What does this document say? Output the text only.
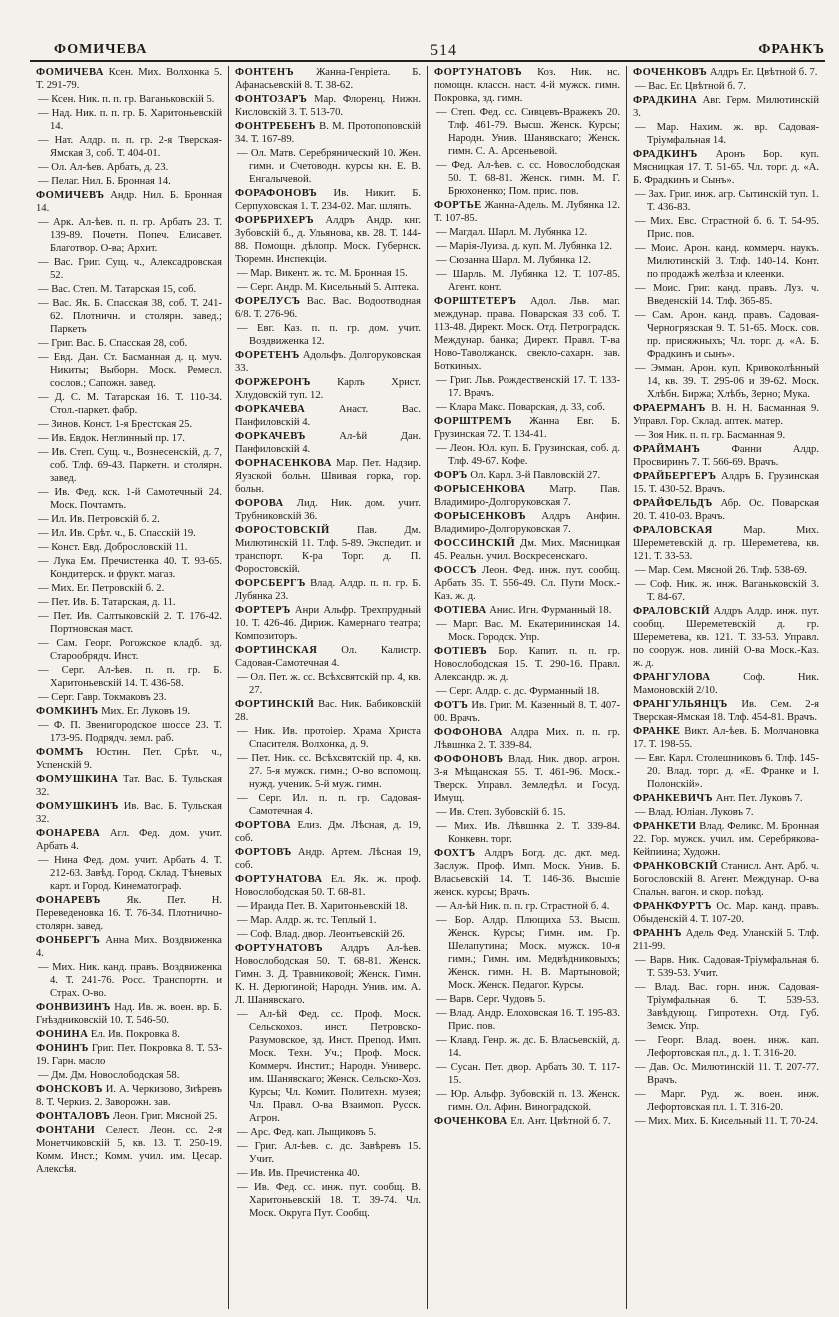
ФОМИЧЕВА	514	ФРАНКЪ

ФОМИЧЕВА Ксен. Мих. Волхонка 5. Т. 291-79.

— Ксен. Ник. п. п. гр. Ваганьковскій 5.

— Над. Ник. п. п. гр. Б. Харитоньевскій 14.

— Нат. Алдр. п. п. гр. 2-я Тверская-Ямская 3, соб. Т. 404-01.

— Ол. Ал-ѣев. Арбать, д. 23.

— Пелаг. Нил. Б. Бронная 14.

ФОМИЧЕВЪ Андр. Нил. Б. Бронная 14.

— Арк. Ал-ѣев. п. п. гр. Арбать 23. Т. 139-89. Почетн. Попеч. Елисавет. Благотвор. О-ва; Архит.

— Вас. Григ. Сущ. ч., Алексадровская 52.

— Вас. Степ. М. Татарская 15, соб.

— Вас. Як. Б. Спасская 38, соб. Т. 241-62. Плотничн. и столярн. завед.; Паркеть

— Григ. Вас. Б. Спасская 28, соб.

— Евд. Дан. Ст. Басманная д. ц. муч. Никиты; Выборн. Моск. Ремесл. сослов.; Сапожн. завед.

— Д. С. М. Татарская 16. Т. 110-34. Стол.-паркет. фабр.

— Зинов. Конст. 1-я Брестская 25.

— Ив. Евдок. Неглинный пр. 17.

— Ив. Степ. Сущ. ч., Вознесенскій, д. 7, соб. Тлф. 69-43. Паркетн. и столярн. завед.

— Ив. Фед. кск. 1-й Самотечный 24. Моск. Почтамть.

— Ил. Ив. Петровскій б. 2.

— Ил. Ив. Срѣт. ч., Б. Спасскій 19.

— Конст. Евд. Добрословскій 11.

— Лука Ем. Пречистенка 40. Т. 93-65. Кондитерск. и фрукт. магаз.

— Мих. Ег. Петровскій б. 2.

— Пет. Ив. Б. Татарская, д. 11.

— Пет. Ив. Салтыковскій 2. Т. 176-42. Портновская маст.

— Сам. Георг. Рогожское кладб. зд. Старообрядч. Инст.

— Серг. Ал-ѣев. п. п. гр. Б. Харитоньевскій 14. Т. 436-58.

— Серг. Гавр. Токмаковъ 23.

ФОМКИНЪ Мих. Ег. Луковъ 19.

— Ф. П. Звенигородское шоссе 23. Т. 173-95. Подрядч. земл. раб.

ФОММЪ Юстин. Пет. Срѣт. ч., Успенскій 9.

ФОМУШКИНА Тат. Вас. Б. Тульская 32.

ФОМУШКИНЪ Ив. Вас. Б. Тульская 32.

ФОНАРЕВА Агл. Фед. дом. учит. Арбать 4.

— Нина Фед. дом. учит. Арбать 4. Т. 212-63. Завѣд. Город. Склад. Тѣневых карт. и Город. Кинематограф.

ФОНАРЕВЪ Як. Пет. Н. Переведеновка 16. Т. 76-34. Плотнично-столярн. завед.

ФОНБЕРГЪ Анна Мих. Воздвиженка 4.

— Мих. Ник. канд. правъ. Воздвиженка 4. Т. 241-76. Росс. Транспортн. и Страх. О-во.

ФОНВИЗИНЪ Над. Ив. ж. воен. вр. Б. Гнѣздниковскій 10. Т. 546-50.

ФОНИНА Ел. Ив. Покровка 8.

ФОНИНЪ Григ. Пет. Покровка 8. Т. 53-19. Гарн. масло

— Дм. Дм. Новослободская 58.

ФОНСКОВЪ И. А. Черкизово, Зиѣревъ 8. Т. Черкиз. 2. Заворожн. зав.

ФОНТАЛОВЪ Леон. Григ. Мясной 25.

ФОНТАНИ Селест. Леон. сс. 2-я Монетчиковскій 5, кв. 13. Т. 250-19. Комм. Инст.; Комм. учил. им. Цесар. Алексѣя.

ФОНТЕНЪ Жанна-Генріета. Б. Афанасьевскій 8. Т. 38-62.

ФОНТОЗАРЪ Мар. Флоренц. Нижн. Кисловскій 3. Т. 513-70.

ФОНТРЕБЕНЪ В. М. Протопоповскій 34. Т. 167-89.

— Ол. Матв. Серебрянический 10. Жен. гимн. и Счетоводн. курсы кн. Е. В. Енгалычевой.

ФОРАФОНОВЪ Ив. Никит. Б. Серпуховская 1. Т. 234-02. Маг. шляпъ.

ФОРБРИХЕРЪ Алдръ Андр. кнг. Зубовскій б., д. Ульянова, кв. 28. Т. 144-88. Помощн. дѣлопр. Моск. Губернск. Тюремн. Инспекціи.

— Мар. Викент. ж. тс. М. Бронная 15.

— Серг. Андр. М. Кисельный 5. Аптека.

ФОРЕЛУСЪ Вас. Вас. Водоотводная 6/8. Т. 276-96.

— Евг. Каз. п. п. гр. дом. учит. Воздвиженка 12.

ФОРЕТЕНЪ Адольфъ. Долгоруковская 33.

ФОРЖЕРОНЪ Карлъ Христ. Хлудовскій туп. 12.

ФОРКАЧЕВА	Анаст. Вас. Панфиловскій 4.

ФОРКАЧЕВЪ	Ал-ѣй Дан. Панфиловскій 4.

ФОРНАСЕНКОВА Мар. Пет. Надзир. Яузской больн. Швивая горка, гор. больн.

ФОРОВА Лид. Ник. дом. учит. Трубниковскій 36.

ФОРОСТОВСКІЙ	Пав. Дм. Милютинскій 11. Тлф. 5-89. Экспедит. и транспорт. К-ра Торг. д. П. Форостовскій.

ФОРСБЕРГЪ Влад. Алдр. п. п. гр. Б. Лубянка 23.

ФОРТЕРЪ Анри Альфр. Трехпрудный 10. Т. 426-46. Дириж. Камернаго театра; Композиторъ.

ФОРТИНСКАЯ Ол. Калистр. Садовая-Самотечная 4.

— Ол. Пет. ж. сс. Всѣхсвятскій пр. 4, кв. 27.

ФОРТИНСКІЙ Вас. Ник. Бабиковскій 28.

— Ник. Ив. протоіер. Храма Христа Спасителя. Волхонка, д. 9.

— Пет. Ник. сс. Всѣхсвятскій пр. 4, кв. 27. 5-я мужск. гимн.; О-во вспомощ. нужд. ученик. 5-й муж. гимн.

— Серг. Ил. п. п. гр. Садовая-Самотечная 4.

ФОРТОВА Елиз. Дм. Лѣсная, д. 19, соб.

ФОРТОВЪ Андр. Артем. Лѣсная 19, соб.

ФОРТУНАТОВА Ел. Як. ж. проф. Новослободская 50. Т. 68-81.

— Ираида Пет. В. Харитоньевскій 18.

— Мар. Алдр. ж. тс. Теплый 1.

— Соф. Влад. двор. Леонтьевскій 26.

ФОРТУНАТОВЪ Алдръ Ал-ѣев. Новослободская 50. Т. 68-81. Женск. Гимн. З. Д. Травниковой; Женск. Гимн. К. Н. Дерюгиной; Народн. Унив. им. А. Л. Шанявскаго.

— Ал-ѣй Фед. сс. Проф. Моск. Сельскохоз. инст. Петровско-Разумовское, зд. Инст. Препод. Имп. Моск. Техн. Уч.; Проф. Моск. Коммерч. Инстит.; Народн. Универс. им. Шанявскаго; Женск. Сельско-Хоз. Курсы; Чл. Комит. Политехн. музея; Чл. Правл. О-ва Взаимоп. Русск. Агрон.

— Арс. Фед. кап. Лыщиковъ 5.

— Григ. Ал-ѣев. с. дс. Завѣревъ 15. Учит.

— Ив. Ив. Пречистенка 40.

— Ив. Фед. сс. инж. пут. сообщ. В. Харитоньевскій 18. Т. 39-74. Чл. Моск. Округа Пут. Сообщ.

ФОРТУНАТОВЪ Коз. Ник. нс. помощн. классн. наст. 4-й мужск. гимн. Покровка, зд. гимн.

— Степ. Фед. сс. Сивцевъ-Вражекъ 20. Тлф. 461-79. Высш. Женск. Курсы; Народн. Унив. Шанявскаго; Женск. гимн. С. А. Арсеньевой.

— Фед. Ал-ѣев. с. сс. Новослободская 50. Т. 68-81. Женск. гимн. М. Г. Брюхоненко; Пом. прис. пов.

ФОРТЬЕ Жанна-Адель. М. Лубянка 12. Т. 107-85.

— Магдал. Шарл. М. Лубянка 12.

— Марія-Луиза. д. куп. М. Лубянка 12.

— Сюзанна Шарл. М. Лубянка 12.

— Шарль. М. Лубянка 12. Т. 107-85. Агент. конт.

ФОРШТЕТЕРЪ Адол. Льв. маг. междунар. права. Поварская 33 соб. Т. 113-48. Директ. Моск. Отд. Петроградск. Междунар. банка; Директ. Правл. Т-ва Ново-Таволжанск. свекло-сахарн. зав. Боткиных.

— Григ. Льв. Рождественскій 17. Т. 133-17. Врачъ.

— Клара Макс. Поварская, д. 33, соб.

ФОРШТРЕМЪ Жанна Евг. Б. Грузинская 72. Т. 134-41.

— Леон. Юл. куп. Б. Грузинская, соб. д. Тлф. 49-67. Кофе.

ФОРЪ Ол. Карл. 3-й Павловскій 27.

ФОРЫСЕНКОВА Матр. Пав. Владимиро-Долгоруковская 7.

ФОРЫСЕНКОВЪ Алдръ Анфин. Владимиро-Долгоруковская 7.

ФОССИНСКІЙ Дм. Мих. Мясницкая 45. Реальн. учил. Воскресенскаго.

ФОССЪ Леон. Фед. инж. пут. сообщ. Арбать 35. Т. 556-49. Сл. Пути Моск.-Каз. ж. д.

ФОТІЕВА Анис. Игн. Фурманный 18.

— Марг. Вас. М. Екатерининская 14. Моск. Городск. Упр.

ФОТІЕВЪ Бор. Капит. п. п. гр. Новослободская 15. Т. 290-16. Правл. Александр. ж. д.

— Серг. Алдр. с. дс. Фурманный 18.

ФОТЪ Ив. Григ. М. Казенный 8. Т. 407-00. Врачъ.

ФОФОНОВА Алдра Мих. п. п. гр. Лѣвшнка 2. Т. 339-84.

ФОФОНОВЪ Влад. Ник. двор. агрон. 3-я Мѣщанская 55. Т. 461-96. Моск.-Тверск. Управл. Земледѣл. и Госуд. Имущ.

— Ив. Степ. Зубовскій б. 15.

— Мих. Ив. Лѣвшнка 2. Т. 339-84. Конкевн. торг.

ФОХТЪ Алдръ Богд. дс. дкт. мед. Заслуж. Проф. Имп. Моск. Унив. Б. Власьевскій 14. Т. 146-36. Высшіе женск. курсы; Врачъ.

— Ал-ѣй Ник. п. п. гр. Страстной б. 4.

— Бор. Алдр. Плющиха 53. Высш. Женск. Курсы; Гимн. им. Гр. Шелапутина; Моск. мужск. 10-я гимн.; Гимн. им. Медвѣдниковыхъ; Женск. гимн. Н. В. Мартыновой; Моск. Женск. Педагог. Курсы.

— Варв. Серг. Чудовъ 5.

— Влад. Андр. Елоховская 16. Т. 195-83. Прис. пов.

— Клавд. Генр. ж. дс. Б. Власьевскій, д. 14.

— Сусан. Пет. двор. Арбать 30. Т. 117-15.

— Юр. Альфр. Зубовскій п. 13. Женск. гимн. Ол. Афин. Виноградской.

ФОЧЕНКОВА Ел. Ант. Цвѣтной б. 7.

ФОЧЕНКОВЪ Алдръ Ег. Цвѣтной б. 7.

— Вас. Ег. Цвѣтной б. 7.

ФРАДКИНА Авг. Герм. Милютинскій 3.

— Мар. Нахим. ж. вр. Садовая-Тріумфальная 14.

ФРАДКИНЪ Аронъ Бор. куп. Мясницкая 17. Т. 51-65. Чл. торг. д. «А. Б. Фрадкинъ и Сынъ».

— Зах. Григ. инж. агр. Сытинскій туп. 1. Т. 436-83.

— Мих. Евс. Страстной б. 6. Т. 54-95. Прис. пов.

— Моис. Арон. канд. коммерч. наукъ. Милютинскій 3. Тлф. 140-14. Конт. по продажѣ желѣза и клеенки.

— Моис. Григ. канд. правъ. Луз. ч. Введенскій 14. Тлф. 365-85.

— Сам. Арон. канд. правъ. Садовая-Черногрязская 9. Т. 51-65. Моск. сов. пр. присяжныхъ; Чл. торг. д. «А. Б. Фрадкинъ и сынъ».

— Эмман. Арон. куп. Кривоколѣнный 14, кв. 39. Т. 295-06 и 39-62. Моск. Хлѣбн. Биржа; Хлѣбъ, Зерно; Мука.

ФРАЕРМАНЪ В. Н. Н. Басманная 9. Управл. Гор. Склад. аптек. матер.

— Зоя Ник. п. п. гр. Басманная 9.

ФРАЙМАНЪ	Фанни Алдр. Просвиринъ 7. Т. 566-69. Врачъ.

ФРАЙБЕРГЕРЪ Алдръ Б. Грузинская 15. Т. 430-52. Врачъ.

ФРАЙФЕЛЬДЪ Абр. Ос. Поварская 20. Т. 410-03. Врачъ.

ФРАЛОВСКАЯ	Мар. Мих. Шереметевскій д. гр. Шереметева, кв. 121. Т. 33-53.

— Мар. Сем. Мясной 26. Тлф. 538-69.

— Соф. Ник. ж. инж. Ваганьковскій 3. Т. 84-67.

ФРАЛОВСКІЙ Алдръ Алдр. инж. пут. сообщ. Шереметевскій д. гр. Шереметева, кв. 121. Т. 33-53. Управл. по сооруж. нов. линій О-ва Моск.-Каз. ж. д.

ФРАНГУЛОВА	Соф. Ник. Мамоновскій 2/10.

ФРАНГУЛЬЯНЦЪ Ив. Сем. 2-я Тверская-Ямская 18. Тлф. 454-81. Врачъ.

ФРАНКЕ Викт. Ал-ѣев. Б. Молчановка 17. Т. 198-55.

— Евг. Карл. Столешниковъ 6. Тлф. 145-20. Влад. торг. д. «Е. Франке и I. Полонскій».

ФРАНКЕВИЧЪ Ант. Пет. Луковъ 7.

— Влад. Юліан. Луковъ 7.

ФРАНКЕТИ Влад. Феликс. М. Бронная 22. Гор. мужск. учил. им. Серебрякова-Кейпиина; Художн.

ФРАНКОВСКІЙ Станисл. Ант. Арб. ч. Богословскій 8. Агент. Междунар. О-ва Спальн. вагон. и скор. поѣзд.

ФРАНКФУРТЪ Ос. Мар. канд. правъ. Обыденскій 4. Т. 107-20.

ФРАННЪ Адель Фед. Уланскій 5. Тлф. 211-99.

— Варв. Ник. Садовая-Тріумфальная 6. Т. 539-53. Учит.

— Влад. Вас. горн. инж. Садовая-Тріумфальная 6. Т. 539-53. Завѣдующ. Гипротехн. Отд. Губ. Земск. Упр.

— Георг. Влад. воен. инж. кап. Лефортовская пл., д. 1. Т. 316-20.

— Дав. Ос. Милютинскій 11. Т. 207-77. Врачъ.

— Марг. Руд. ж. воен. инж. Лефортовская пл. 1. Т. 316-20.

— Мих. Мих. Б. Кисельный 11. Т. 70-24.
